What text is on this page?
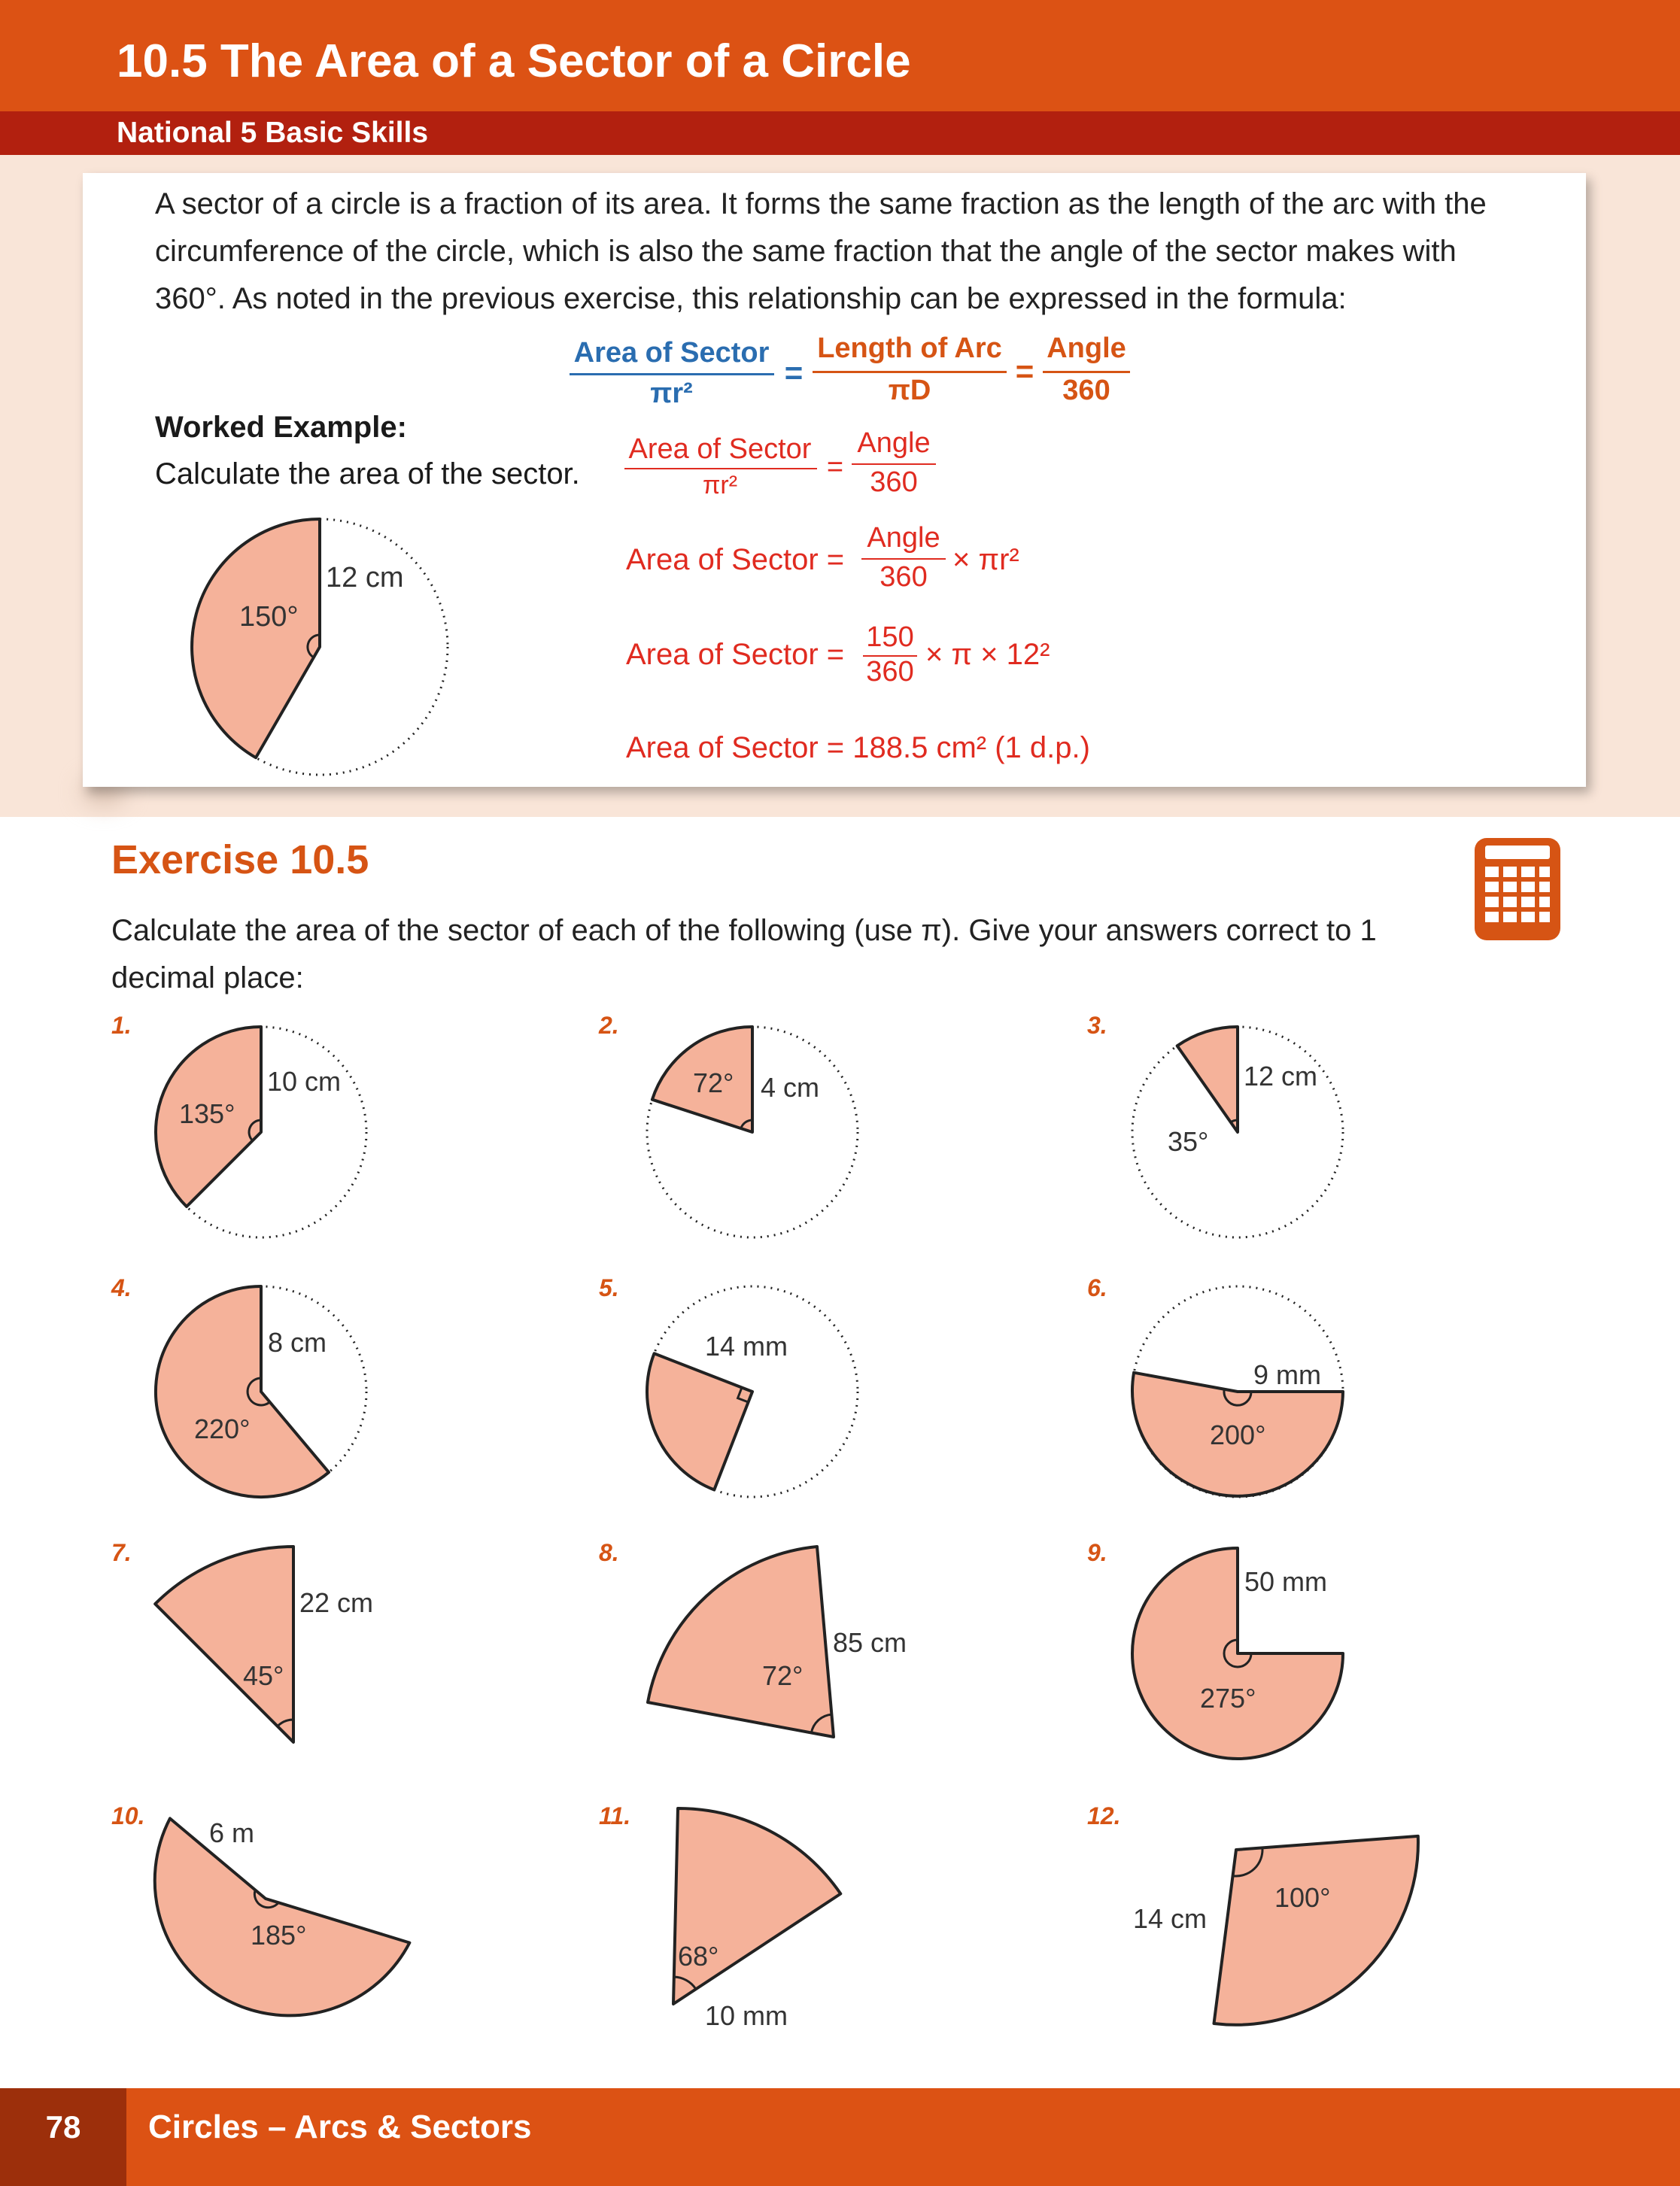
10.5 The Area of a Sector of a Circle
National 5 Basic Skills
A sector of a circle is a fraction of its area. It forms the same fraction as the length of the arc with the
circumference of the circle, which is also the same fraction that the angle of the sector makes with
360°. As noted in the previous exercise, this relationship can be expressed in the formula:
Area of Sector
πr²
=
Length of Arc
πD
=
Angle
360
Worked Example:
Calculate the area of the sector.
150°
12 cm
Area of Sector
πr²
=
Angle
360
Area of Sector =
Angle
360
× πr²
Area of Sector =
150
360
× π × 12²
Area of Sector = 188.5 cm² (1 d.p.)
Exercise 10.5
Calculate the area of the sector of each of the following (use π). Give your answers correct to 1
decimal place:
1.
135°
10 cm
2.
72° 4 cm
3.
35°
12 cm
4.
220°
8 cm
5.
14 mm
6.
200°
9 mm
7.
45°
22 cm
8.
72°
85 cm
9.
275°
50 mm
10.
185°
6 m
11.
68°
10 mm
12.
100°
14 cm
78	Circles – Arcs & Sectors
